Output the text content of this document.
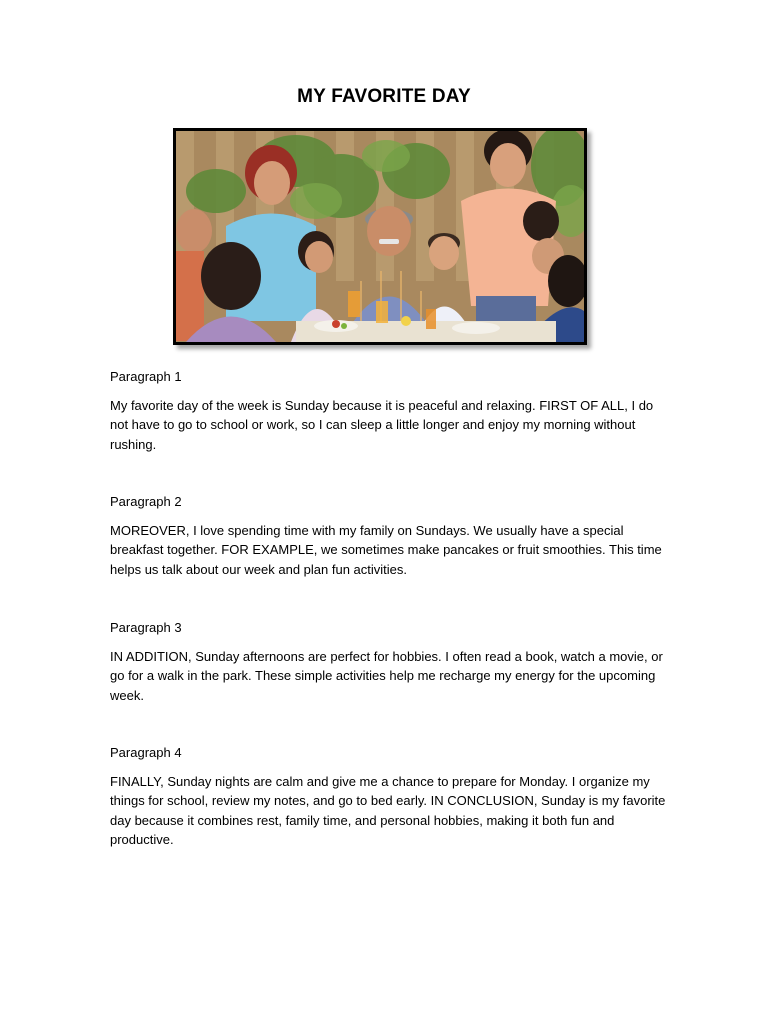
MY FAVORITE DAY
Paragraph 1
My favorite day of the week is Sunday because it is peaceful and relaxing. FIRST OF ALL, I do not have to go to school or work, so I can sleep a little longer and enjoy my morning without rushing.
Paragraph 2
MOREOVER, I love spending time with my family on Sundays. We usually have a special breakfast together. FOR EXAMPLE, we sometimes make pancakes or fruit smoothies. This time helps us talk about our week and plan fun activities.
Paragraph 3
IN ADDITION, Sunday afternoons are perfect for hobbies. I often read a book, watch a movie, or go for a walk in the park. These simple activities help me recharge my energy for the upcoming week.
Paragraph 4
FINALLY, Sunday nights are calm and give me a chance to prepare for Monday. I organize my things for school, review my notes, and go to bed early. IN CONCLUSION, Sunday is my favorite day because it combines rest, family time, and personal hobbies, making it both fun and productive.
